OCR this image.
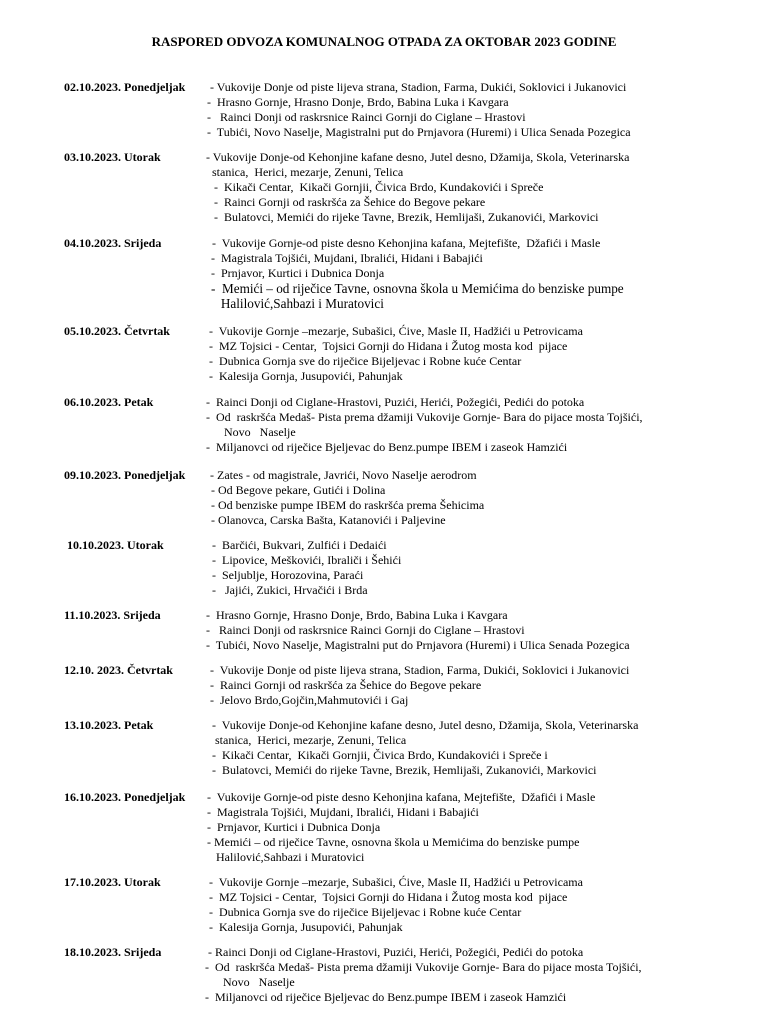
RASPORED ODVOZA KOMUNALNOG OTPADA ZA OKTOBAR 2023 GODINE
02.10.2023. Ponedjeljak - Vukovije Donje od piste lijeva strana, Stadion, Farma, Dukići, Soklovici i Jukanovici
-  Hrasno Gornje, Hrasno Donje, Brdo, Babina Luka i Kavgara
-   Rainci Donji od raskrsnice Rainci Gornji do Ciglane – Hrastovi
-  Tubići, Novo Naselje, Magistralni put do Prnjavora (Huremi) i Ulica Senada Pozegica
03.10.2023. Utorak	- Vukovije Donje-od Kehonjine kafane desno, Jutel desno, Džamija, Skola, Veterinarska
stanica,  Herici, mezarje, Zenuni, Telica
-  Kikači Centar,  Kikači Gornjii, Čivica Brdo, Kundakovići i Spreče
-  Rainci Gornji od raskršća za Šehice do Begove pekare
-  Bulatovci, Memići do rijeke Tavne, Brezik, Hemlijaši, Zukanovići, Markovici
04.10.2023. Srijeda	-  Vukovije Gornje-od piste desno Kehonjina kafana, Mejtefište,  Džafići i Masle
-  Magistrala Tojšići, Mujdani, Ibralići, Hidani i Babajići
-  Prnjavor, Kurtici i Dubnica Donja
-  Memići – od riječice Tavne, osnovna škola u Memićima do benziske pumpe
Halilović,Sahbazi i Muratovici
05.10.2023. Četvrtak	-  Vukovije Gornje –mezarje, Subašici, Ćive, Masle II, Hadžići u Petrovicama
-  MZ Tojsici - Centar,  Tojsici Gornji do Hidana i Žutog mosta kod  pijace
-  Dubnica Gornja sve do riječice Bijeljevac i Robne kuće Centar
-  Kalesija Gornja, Jusupovići, Pahunjak
06.10.2023. Petak	-  Rainci Donji od Ciglane-Hrastovi, Puzići, Herići, Požegići, Pedići do potoka
-  Od  raskršća Medaš- Pista prema džamiji Vukovije Gornje- Bara do pijace mosta Tojšići,
Novo   Naselje
-  Miljanovci od riječice Bjeljevac do Benz.pumpe IBEM i zaseok Hamzići
09.10.2023. Ponedjeljak - Zates - od magistrale, Javrići, Novo Naselje aerodrom
- Od Begove pekare, Gutići i Dolina
- Od benziske pumpe IBEM do raskršća prema Šehicima
- Olanovca, Carska Bašta, Katanovići i Paljevine
10.10.2023. Utorak	-  Barčići, Bukvari, Zulfići i Dedaići
-  Lipovice, Meškovići, Ibraliči i Šehići
-  Seljublje, Horozovina, Paraći
-   Jajići, Zukici, Hrvačići i Brda
11.10.2023. Srijeda	-  Hrasno Gornje, Hrasno Donje, Brdo, Babina Luka i Kavgara
-   Rainci Donji od raskrsnice Rainci Gornji do Ciglane – Hrastovi
-  Tubići, Novo Naselje, Magistralni put do Prnjavora (Huremi) i Ulica Senada Pozegica
12.10. 2023. Četvrtak	-  Vukovije Donje od piste lijeva strana, Stadion, Farma, Dukići, Soklovici i Jukanovici
-  Rainci Gornji od raskršća za Šehice do Begove pekare
-  Jelovo Brdo,Gojčin,Mahmutovići i Gaj
13.10.2023. Petak	-  Vukovije Donje-od Kehonjine kafane desno, Jutel desno, Džamija, Skola, Veterinarska
stanica,  Herici, mezarje, Zenuni, Telica
-  Kikači Centar,  Kikači Gornjii, Čivica Brdo, Kundakovići i Spreče i
-  Bulatovci, Memići do rijeke Tavne, Brezik, Hemlijaši, Zukanovići, Markovici
16.10.2023. Ponedjeljak -  Vukovije Gornje-od piste desno Kehonjina kafana, Mejtefište,  Džafići i Masle
-  Magistrala Tojšići, Mujdani, Ibralići, Hidani i Babajići
-  Prnjavor, Kurtici i Dubnica Donja
- Memići – od riječice Tavne, osnovna škola u Memićima do benziske pumpe
Halilović,Sahbazi i Muratovici
17.10.2023. Utorak	-  Vukovije Gornje –mezarje, Subašici, Ćive, Masle II, Hadžići u Petrovicama
-  MZ Tojsici - Centar,  Tojsici Gornji do Hidana i Žutog mosta kod  pijace
-  Dubnica Gornja sve do riječice Bijeljevac i Robne kuće Centar
-  Kalesija Gornja, Jusupovići, Pahunjak
18.10.2023. Srijeda	- Rainci Donji od Ciglane-Hrastovi, Puzići, Herići, Požegići, Pedići do potoka
-  Od  raskršća Medaš- Pista prema džamiji Vukovije Gornje- Bara do pijace mosta Tojšići,
Novo   Naselje
-  Miljanovci od riječice Bjeljevac do Benz.pumpe IBEM i zaseok Hamzići
